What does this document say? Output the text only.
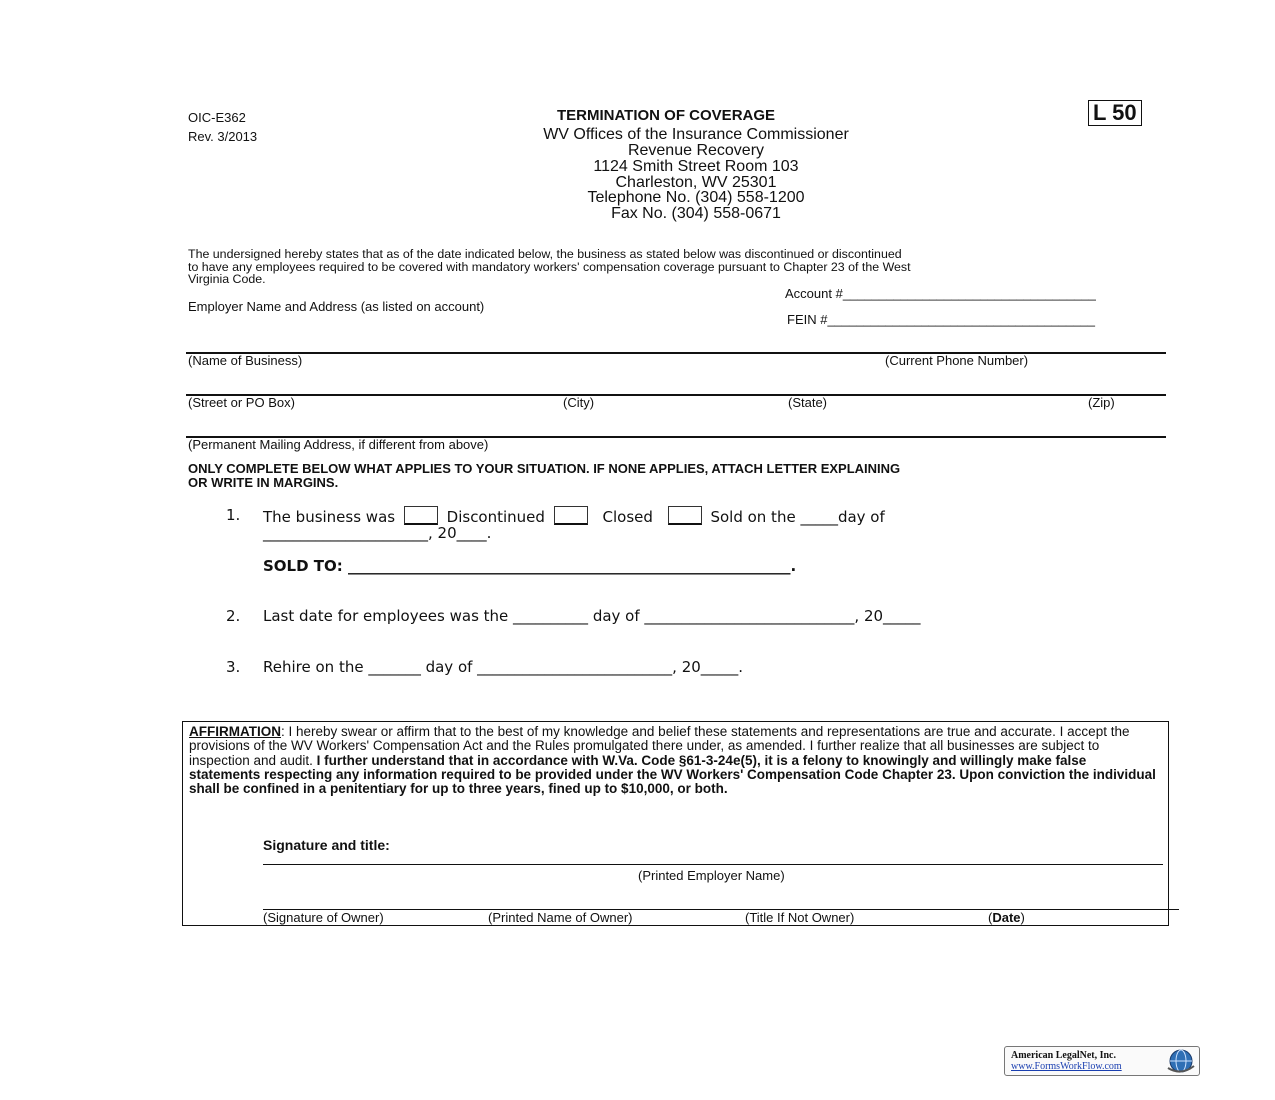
OIC-E362
Rev. 3/2013
TERMINATION OF COVERAGE	L 50
WV Offices of the Insurance Commissioner
Revenue Recovery
1124 Smith Street Room 103
Charleston, WV 25301
Telephone No. (304) 558-1200
Fax No. (304) 558-0671
The undersigned hereby states that as of the date indicated below, the business as stated below was discontinued or discontinued
to have any employees required to be covered with mandatory workers' compensation coverage pursuant to Chapter 23 of the West
Virginia Code.
Account #___________________________________
Employer Name and Address (as listed on account)
FEIN #_____________________________________
(Name of Business)	(Current Phone Number)
(Street or PO Box)	(City)	(State)	(Zip)
(Permanent Mailing Address, if different from above)
ONLY COMPLETE BELOW WHAT APPLIES TO YOUR SITUATION. IF NONE APPLIES, ATTACH LETTER EXPLAINING
OR WRITE IN MARGINS.
1. The business was	Discontinued	Closed	Sold on the _____day of
______________________, 20____.
SOLD TO: ___________________________________________________________.
2. Last date for employees was the __________ day of ____________________________, 20_____
3. Rehire on the _______ day of __________________________, 20_____.
AFFIRMATION: I hereby swear or affirm that to the best of my knowledge and belief these statements and representations are true and accurate. I accept the provisions of the WV Workers' Compensation Act and the Rules promulgated there under, as amended. I further realize that all businesses are subject to inspection and audit. I further understand that in accordance with W.Va. Code §61-3-24e(5), it is a felony to knowingly and willingly make false statements respecting any information required to be provided under the WV Workers' Compensation Code Chapter 23. Upon conviction the individual shall be confined in a penitentiary for up to three years, fined up to $10,000, or both.
Signature and title:
(Printed Employer Name)
(Signature of Owner)	(Printed Name of Owner)	(Title If Not Owner)	(Date)
American LegalNet, Inc.
www.FormsWorkFlow.com
